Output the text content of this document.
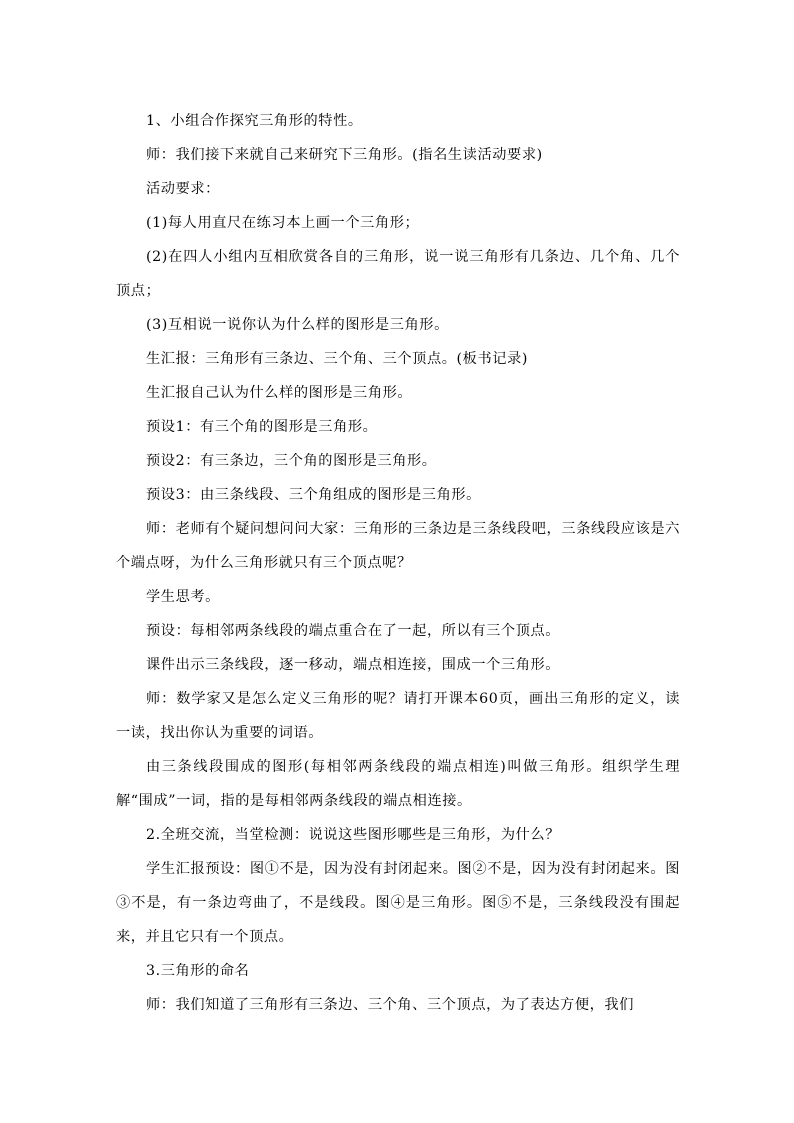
1、小组合作探究三角形的特性。

师：我们接下来就自己来研究下三角形。(指名生读活动要求)

活动要求：

(1)每人用直尺在练习本上画一个三角形；

(2)在四人小组内互相欣赏各自的三角形，说一说三角形有几条边、几个角、几个顶点；

(3)互相说一说你认为什么样的图形是三角形。

生汇报：三角形有三条边、三个角、三个顶点。(板书记录)

生汇报自己认为什么样的图形是三角形。

预设1：有三个角的图形是三角形。

预设2：有三条边，三个角的图形是三角形。

预设3：由三条线段、三个角组成的图形是三角形。

师：老师有个疑问想问问大家：三角形的三条边是三条线段吧，三条线段应该是六个端点呀，为什么三角形就只有三个顶点呢？

学生思考。

预设：每相邻两条线段的端点重合在了一起，所以有三个顶点。

课件出示三条线段，逐一移动，端点相连接，围成一个三角形。

师：数学家又是怎么定义三角形的呢？请打开课本60页，画出三角形的定义，读一读，找出你认为重要的词语。

由三条线段围成的图形(每相邻两条线段的端点相连)叫做三角形。组织学生理解“围成”一词，指的是每相邻两条线段的端点相连接。

2.全班交流，当堂检测：说说这些图形哪些是三角形，为什么？

学生汇报预设：图①不是，因为没有封闭起来。图②不是，因为没有封闭起来。图③不是，有一条边弯曲了，不是线段。图④是三角形。图⑤不是，三条线段没有围起来，并且它只有一个顶点。

3.三角形的命名

师：我们知道了三角形有三条边、三个角、三个顶点，为了表达方便，我们
